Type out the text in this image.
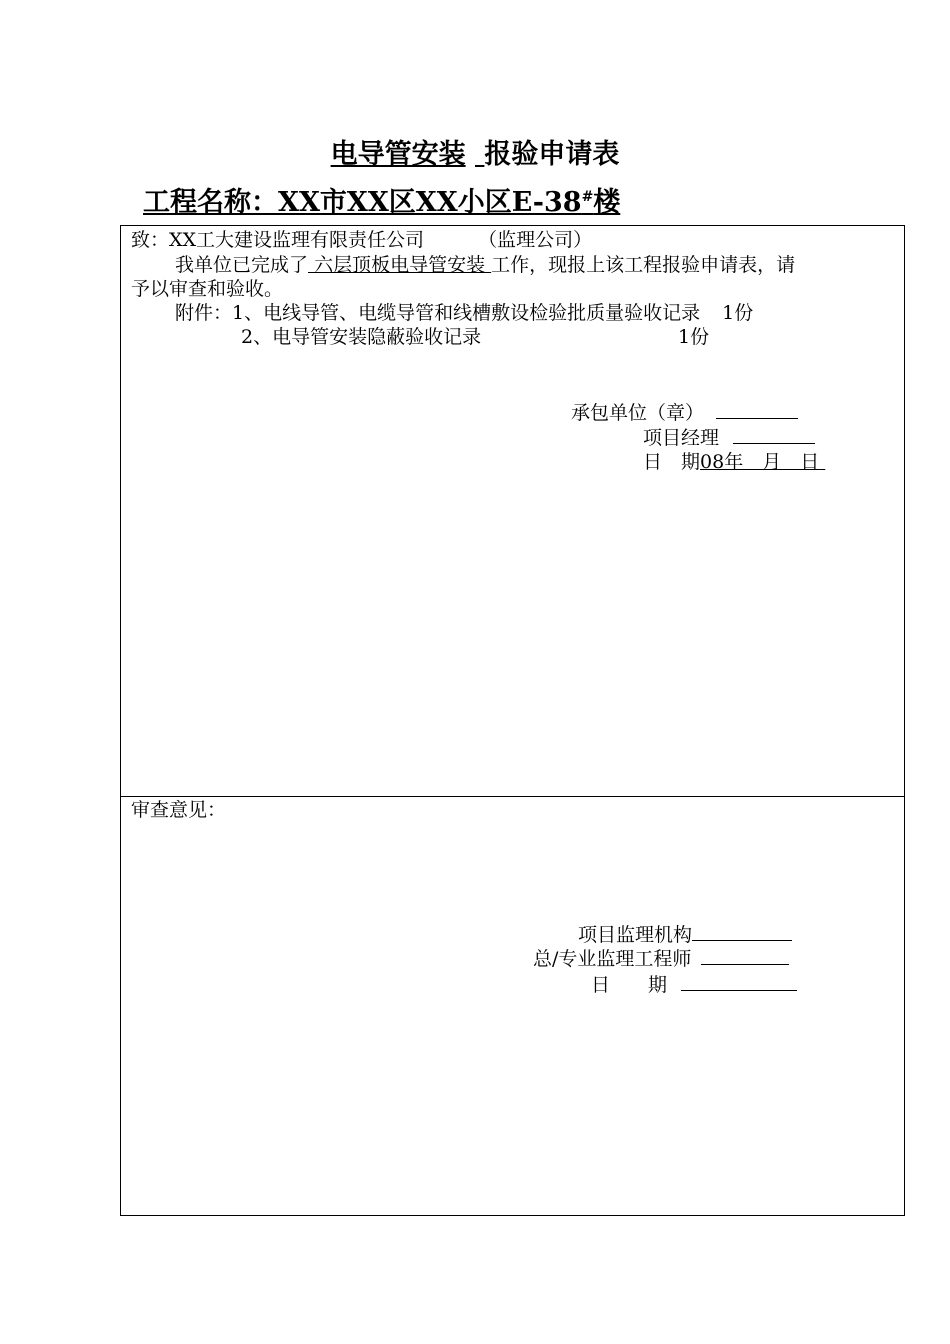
电导管安装 报验申请表
工程名称：XX市XX区XX小区E-38#楼
致：XX工大建设监理有限责任公司	（监理公司）
我单位已完成了 六层顶板电导管安装 工作，现报上该工程报验申请表，请
予以审查和验收。
附件：1、电线导管、电缆导管和线槽敷设检验批质量验收记录 1份
2、电导管安装隐蔽验收记录	1份
承包单位（章）
项目经理
日　期08年　月　日
审查意见：
项目监理机构
总/专业监理工程师
日　　期
